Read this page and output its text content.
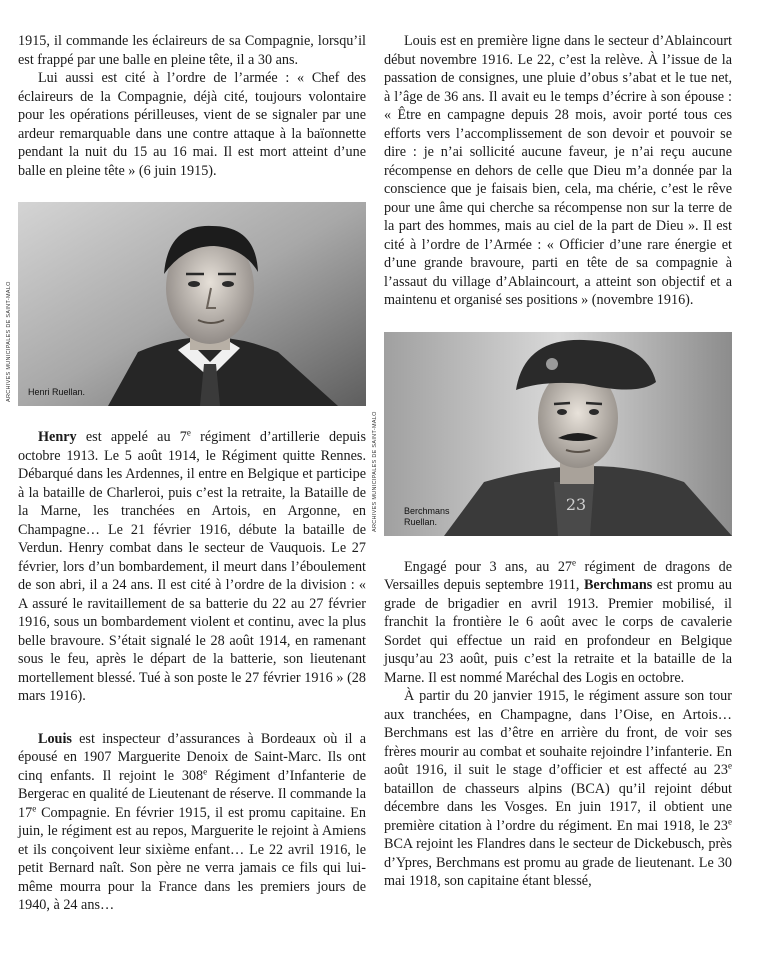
1915, il commande les éclaireurs de sa Compagnie, lorsqu’il est frappé par une balle en pleine tête, il a 30 ans.

Lui aussi est cité à l’ordre de l’armée : « Chef des éclaireurs de la Compagnie, déjà cité, toujours volontaire pour les opérations périlleuses, vient de se signaler par une ardeur remarquable dans une contre attaque à la baïonnette pendant la nuit du 15 au 16 mai. Il est mort atteint d’une balle en pleine tête » (6 juin 1915).

ARCHIVES MUNICIPALES DE SAINT-MALO Henri Ruellan.

Henry est appelé au 7e régiment d’artillerie depuis octobre 1913. Le 5 août 1914, le Régiment quitte Rennes. Débarqué dans les Ardennes, il entre en Belgique et participe à la bataille de Charleroi, puis c’est la retraite, la Bataille de la Marne, les tranchées en Artois, en Argonne, en Champagne… Le 21 février 1916, débute la bataille de Verdun. Henry combat dans le secteur de Vauquois. Le 27 février, lors d’un bombardement, il meurt dans l’éboulement de son abri, il a 24 ans. Il est cité à l’ordre de la division : « A assuré le ravitaillement de sa batterie du 22 au 27 février 1916, sous un bombardement violent et continu, avec la plus belle bravoure. S’était signalé le 28 août 1914, en ramenant sous le feu, après le départ de la batterie, son lieutenant mortellement blessé. Tué à son poste le 27 février 1916 » (28 mars 1916).

Louis est inspecteur d’assurances à Bordeaux où il a épousé en 1907 Marguerite Denoix de Saint-Marc. Ils ont cinq enfants. Il rejoint le 308e Régiment d’Infanterie de Bergerac en qualité de Lieutenant de réserve. Il commande la 17e Compagnie. En février 1915, il est promu capitaine. En juin, le régiment est au repos, Marguerite le rejoint à Amiens et ils conçoivent leur sixième enfant… Le 22 avril 1916, le petit Bernard naît. Son père ne verra jamais ce fils qui lui-même mourra pour la France dans les premiers jours de 1940, à 24 ans…

Louis est en première ligne dans le secteur d’Ablaincourt début novembre 1916. Le 22, c’est la relève. À l’issue de la passation de consignes, une pluie d’obus s’abat et le tue net, à l’âge de 36 ans. Il avait eu le temps d’écrire à son épouse : « Être en campagne depuis 28 mois, avoir porté tous ces efforts vers l’accomplissement de son devoir et pouvoir se dire : je n’ai sollicité aucune faveur, je n’ai reçu aucune récompense en dehors de celle que Dieu m’a donnée par la conscience que je faisais bien, cela, ma chérie, c’est le rêve pour une âme qui cherche sa récompense non sur la terre de la part des hommes, mais au ciel de la part de Dieu ». Il est cité à l’ordre de l’Armée : « Officier d’une rare énergie et d’une grande bravoure, parti en tête de sa compagnie à l’assaut du village d’Ablaincourt, a atteint son objectif et a maintenu et organisé ses positions » (novembre 1916).

23
ARCHIVES MUNICIPALES DE SAINT-MALO	Berchmans
Ruellan.

Engagé pour 3 ans, au 27e régiment de dragons de Versailles depuis septembre 1911, Berchmans est promu au grade de brigadier en avril 1913. Premier mobilisé, il franchit la frontière le 6 août avec le corps de cavalerie Sordet qui effectue un raid en profondeur en Belgique jusqu’au 23 août, puis c’est la retraite et la bataille de la Marne. Il est nommé Maréchal des Logis en octobre.

À partir du 20 janvier 1915, le régiment assure son tour aux tranchées, en Champagne, dans l’Oise, en Artois… Berchmans est las d’être en arrière du front, de voir ses frères mourir au combat et souhaite rejoindre l’infanterie. En août 1916, il suit le stage d’officier et est affecté au 23e bataillon de chasseurs alpins (BCA) qu’il rejoint début décembre dans les Vosges. En juin 1917, il obtient une première citation à l’ordre du régiment. En mai 1918, le 23e BCA rejoint les Flandres dans le secteur de Dickebusch, près d’Ypres, Berchmans est promu au grade de lieutenant. Le 30 mai 1918, son capitaine étant blessé,
